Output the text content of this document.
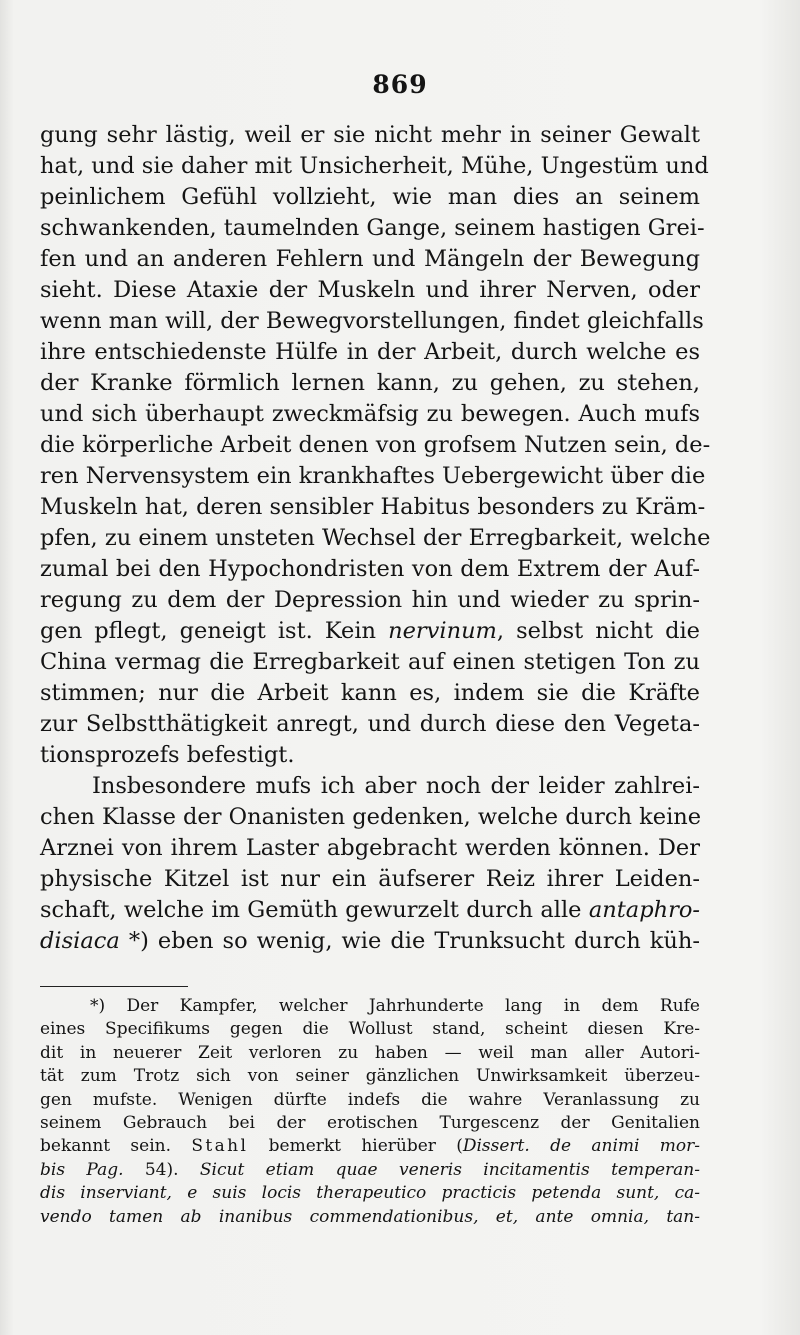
869
gung sehr lästig, weil er sie nicht mehr in seiner Gewalt
hat, und sie daher mit Unsicherheit, Mühe, Ungestüm und
peinlichem Gefühl vollzieht, wie man dies an seinem
schwankenden, taumelnden Gange, seinem hastigen Grei-
fen und an anderen Fehlern und Mängeln der Bewegung
sieht. Diese Ataxie der Muskeln und ihrer Nerven, oder
wenn man will, der Bewegvorstellungen, findet gleichfalls
ihre entschiedenste Hülfe in der Arbeit, durch welche es
der Kranke förmlich lernen kann, zu gehen, zu stehen,
und sich überhaupt zweckmäfsig zu bewegen. Auch mufs
die körperliche Arbeit denen von grofsem Nutzen sein, de-
ren Nervensystem ein krankhaftes Uebergewicht über die
Muskeln hat, deren sensibler Habitus besonders zu Kräm-
pfen, zu einem unsteten Wechsel der Erregbarkeit, welche
zumal bei den Hypochondristen von dem Extrem der Auf-
regung zu dem der Depression hin und wieder zu sprin-
gen pflegt, geneigt ist. Kein nervinum, selbst nicht die
China vermag die Erregbarkeit auf einen stetigen Ton zu
stimmen; nur die Arbeit kann es, indem sie die Kräfte
zur Selbstthätigkeit anregt, und durch diese den Vegeta-
tionsprozefs befestigt.
Insbesondere mufs ich aber noch der leider zahlrei-
chen Klasse der Onanisten gedenken, welche durch keine
Arznei von ihrem Laster abgebracht werden können. Der
physische Kitzel ist nur ein äufserer Reiz ihrer Leiden-
schaft, welche im Gemüth gewurzelt durch alle antaphro-
disiaca *) eben so wenig, wie die Trunksucht durch küh-
*) Der Kampfer, welcher Jahrhunderte lang in dem Rufe
eines Specifikums gegen die Wollust stand, scheint diesen Kre-
dit in neuerer Zeit verloren zu haben — weil man aller Autori-
tät zum Trotz sich von seiner gänzlichen Unwirksamkeit überzeu-
gen mufste. Wenigen dürfte indefs die wahre Veranlassung zu
seinem Gebrauch bei der erotischen Turgescenz der Genitalien
bekannt sein. Stahl bemerkt hierüber (Dissert. de animi mor-
bis Pag. 54). Sicut etiam quae veneris incitamentis temperan-
dis inserviant, e suis locis therapeutico practicis petenda sunt, ca-
vendo tamen ab inanibus commendationibus, et, ante omnia, tan-
